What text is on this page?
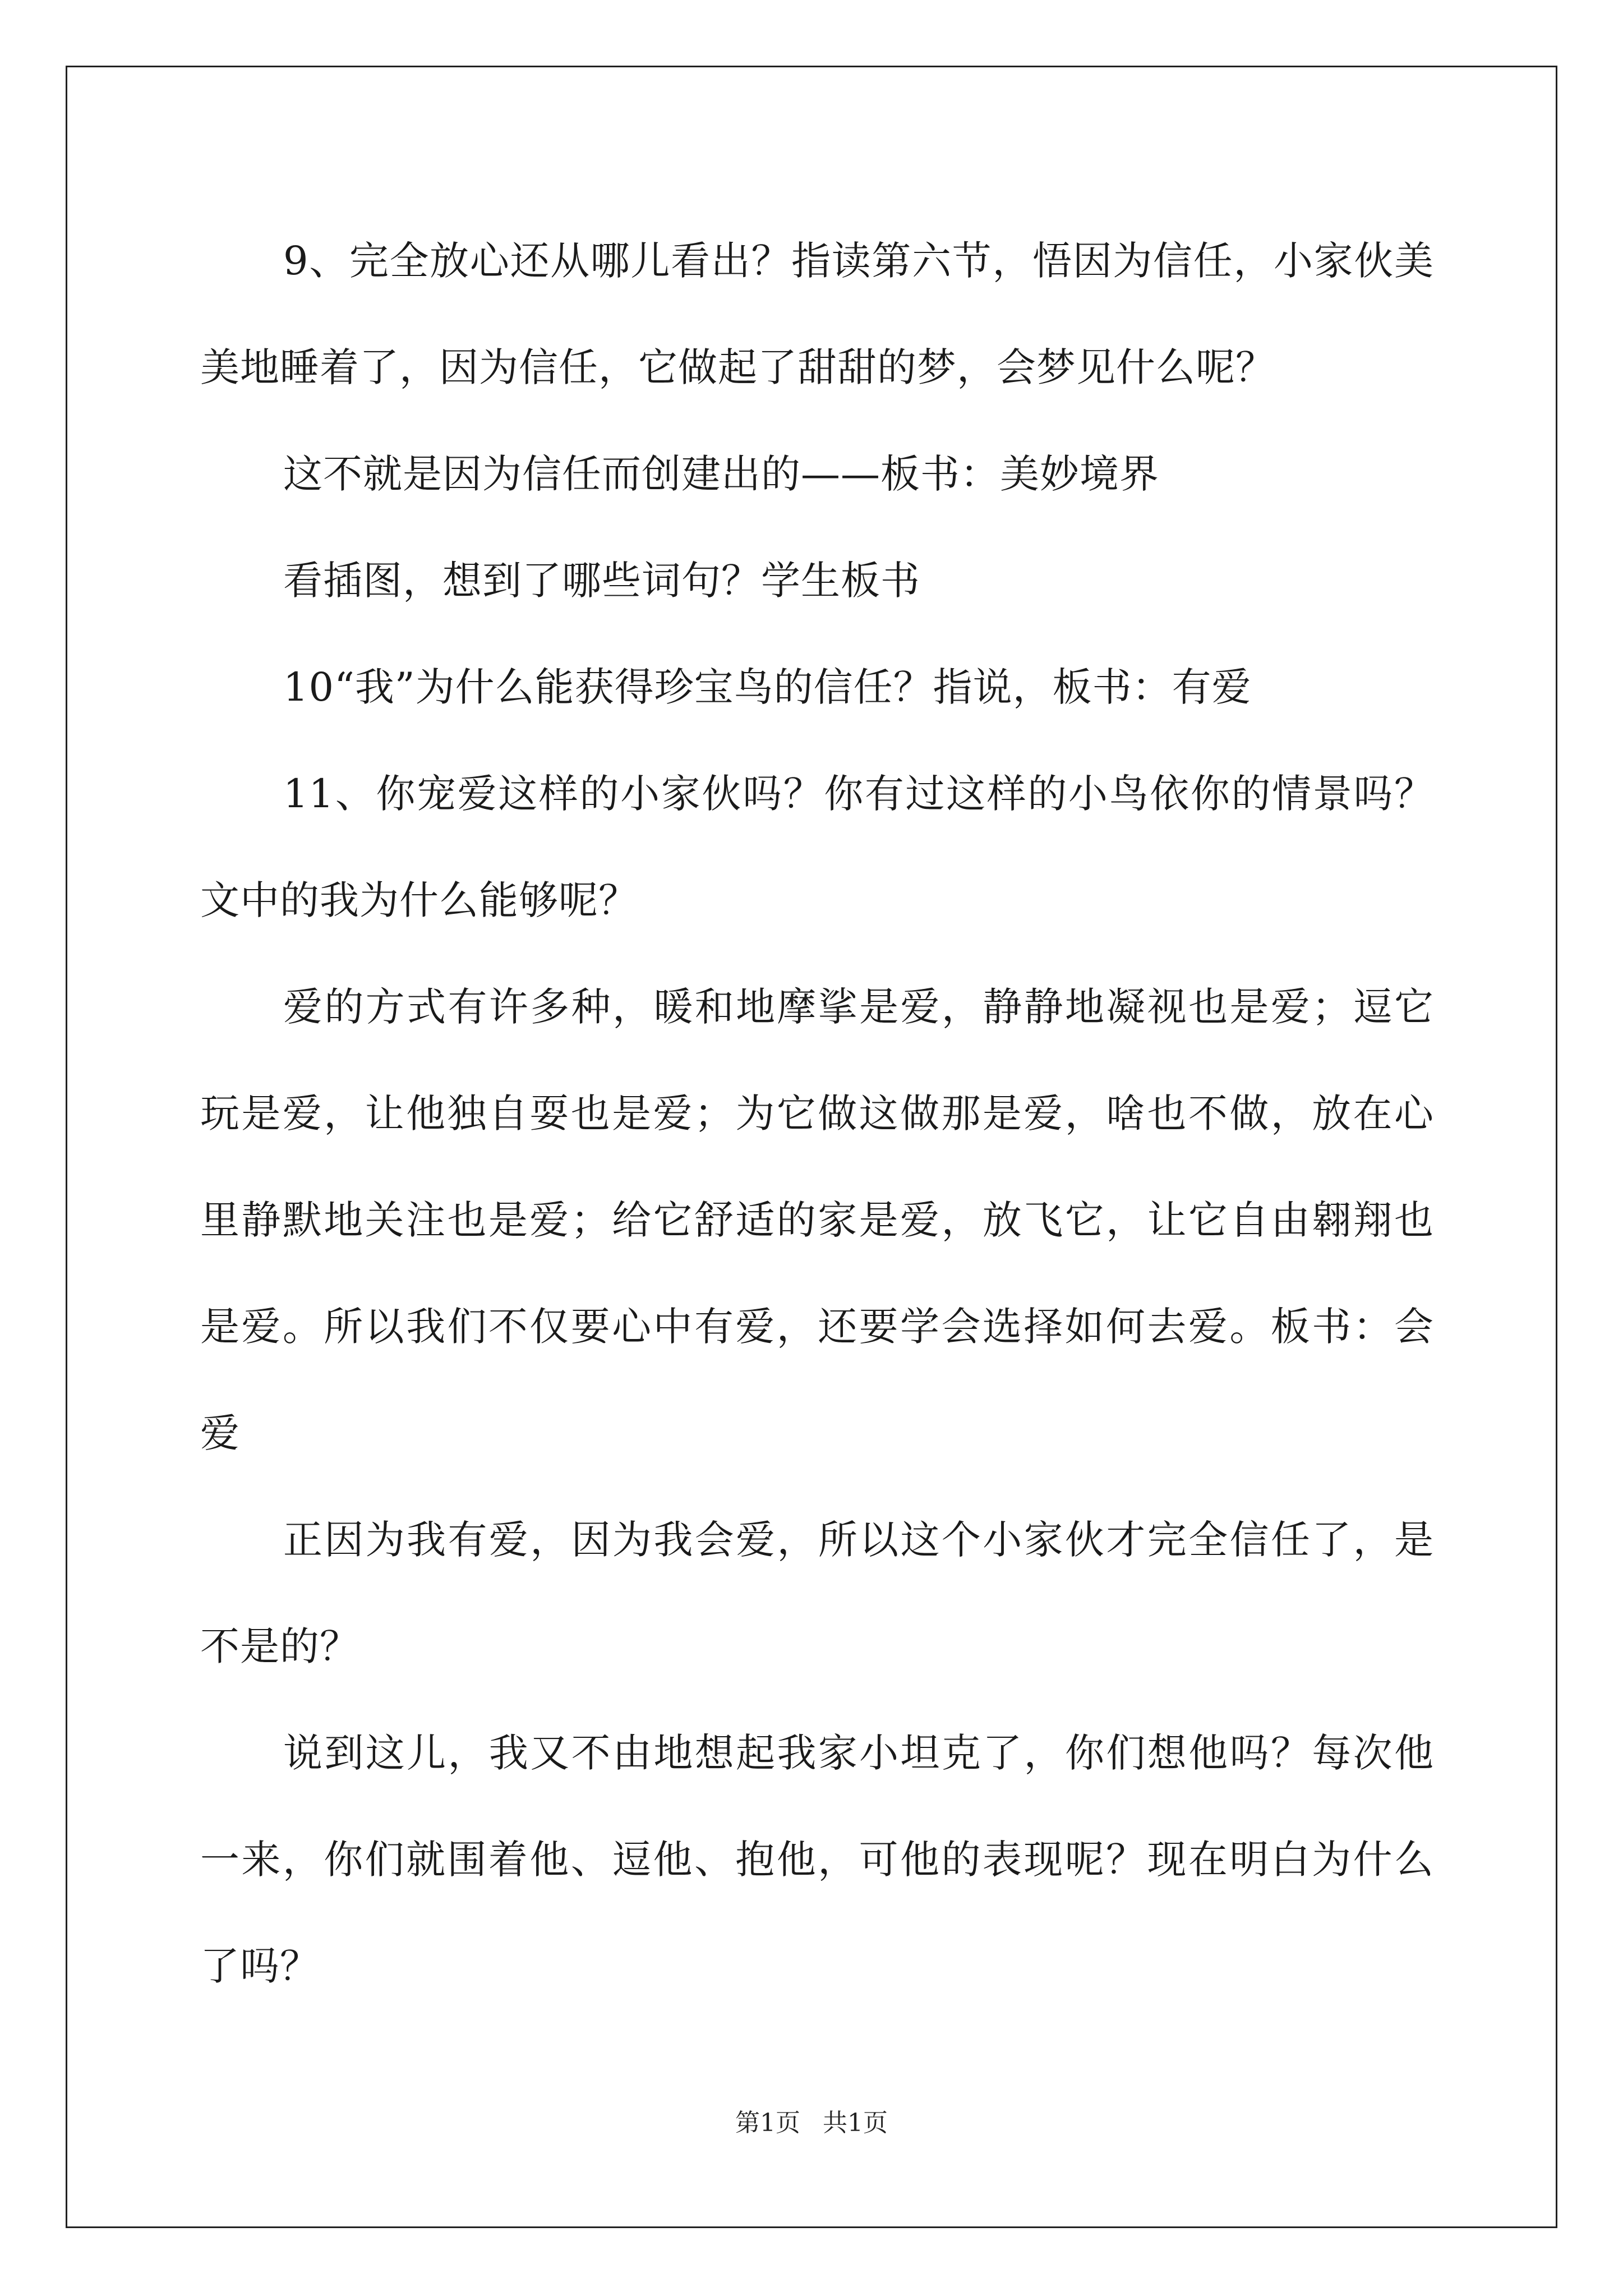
9、完全放心还从哪儿看出？指读第六节，悟因为信任，小家伙美美地睡着了，因为信任，它做起了甜甜的梦，会梦见什么呢？

这不就是因为信任而创建出的——板书：美妙境界

看插图，想到了哪些词句？学生板书

10“我”为什么能获得珍宝鸟的信任？指说，板书：有爱

11、你宠爱这样的小家伙吗？你有过这样的小鸟依你的情景吗？文中的我为什么能够呢？

爱的方式有许多种，暖和地摩挲是爱，静静地凝视也是爱；逗它玩是爱，让他独自耍也是爱；为它做这做那是爱，啥也不做，放在心里静默地关注也是爱；给它舒适的家是爱，放飞它，让它自由翱翔也是爱。所以我们不仅要心中有爱，还要学会选择如何去爱。板书：会爱

正因为我有爱，因为我会爱，所以这个小家伙才完全信任了，是不是的？

说到这儿，我又不由地想起我家小坦克了，你们想他吗？每次他一来，你们就围着他、逗他、抱他，可他的表现呢？现在明白为什么了吗？

第1页 共1页
